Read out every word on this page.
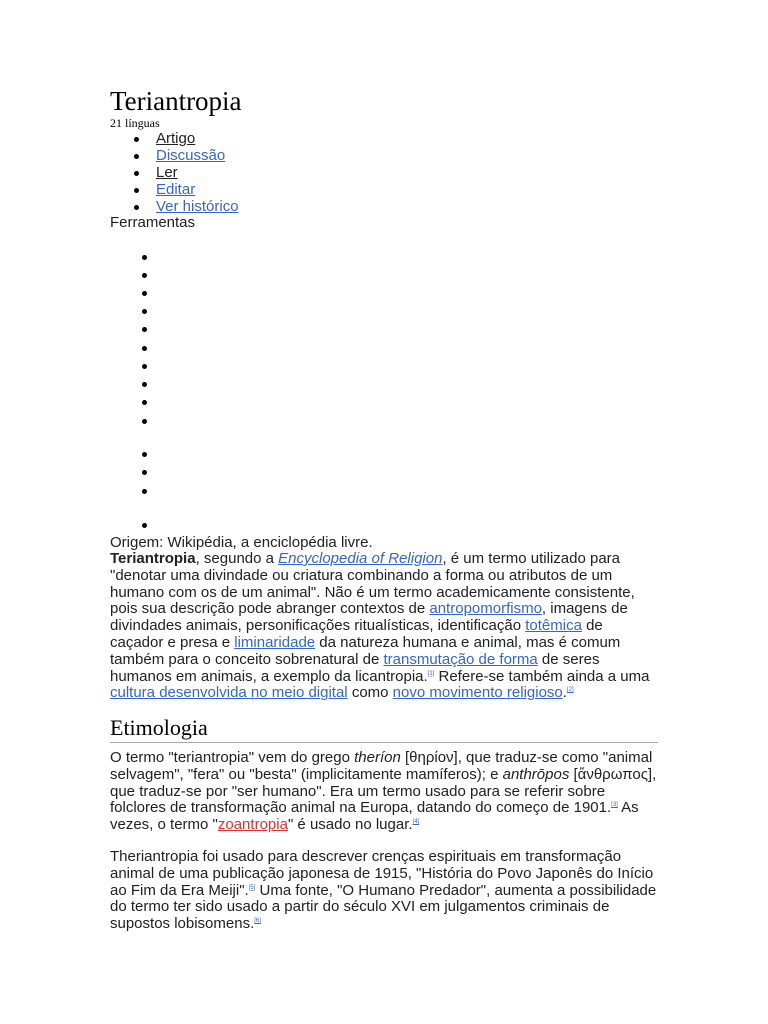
Teriantropia
21 línguas
Artigo
Discussão
Ler
Editar
Ver histórico
Ferramentas
Origem: Wikipédia, a enciclopédia livre.

Teriantropia, segundo a Encyclopedia of Religion, é um termo utilizado para "denotar uma divindade ou criatura combinando a forma ou atributos de um humano com os de um animal". Não é um termo academicamente consistente, pois sua descrição pode abranger contextos de antropomorfismo, imagens de divindades animais, personificações ritualísticas, identificação totêmica de caçador e presa e liminaridade da natureza humana e animal, mas é comum também para o conceito sobrenatural de transmutação de forma de seres humanos em animais, a exemplo da licantropia.[1] Refere-se também ainda a uma cultura desenvolvida no meio digital como novo movimento religioso.[2]

Etimologia

O termo "teriantropia" vem do grego theríon [θηρίον], que traduz-se como "animal selvagem", "fera" ou "besta" (implicitamente mamíferos); e anthrōpos [ἄνθρωπος], que traduz-se por "ser humano". Era um termo usado para se referir sobre folclores de transformação animal na Europa, datando do começo de 1901.[3] As vezes, o termo "zoantropia" é usado no lugar.[4]

Theriantropia foi usado para descrever crenças espirituais em transformação animal de uma publicação japonesa de 1915, "História do Povo Japonês do Início ao Fim da Era Meiji".[5] Uma fonte, "O Humano Predador", aumenta a possibilidade do termo ter sido usado a partir do século XVI em julgamentos criminais de supostos lobisomens.[6]
